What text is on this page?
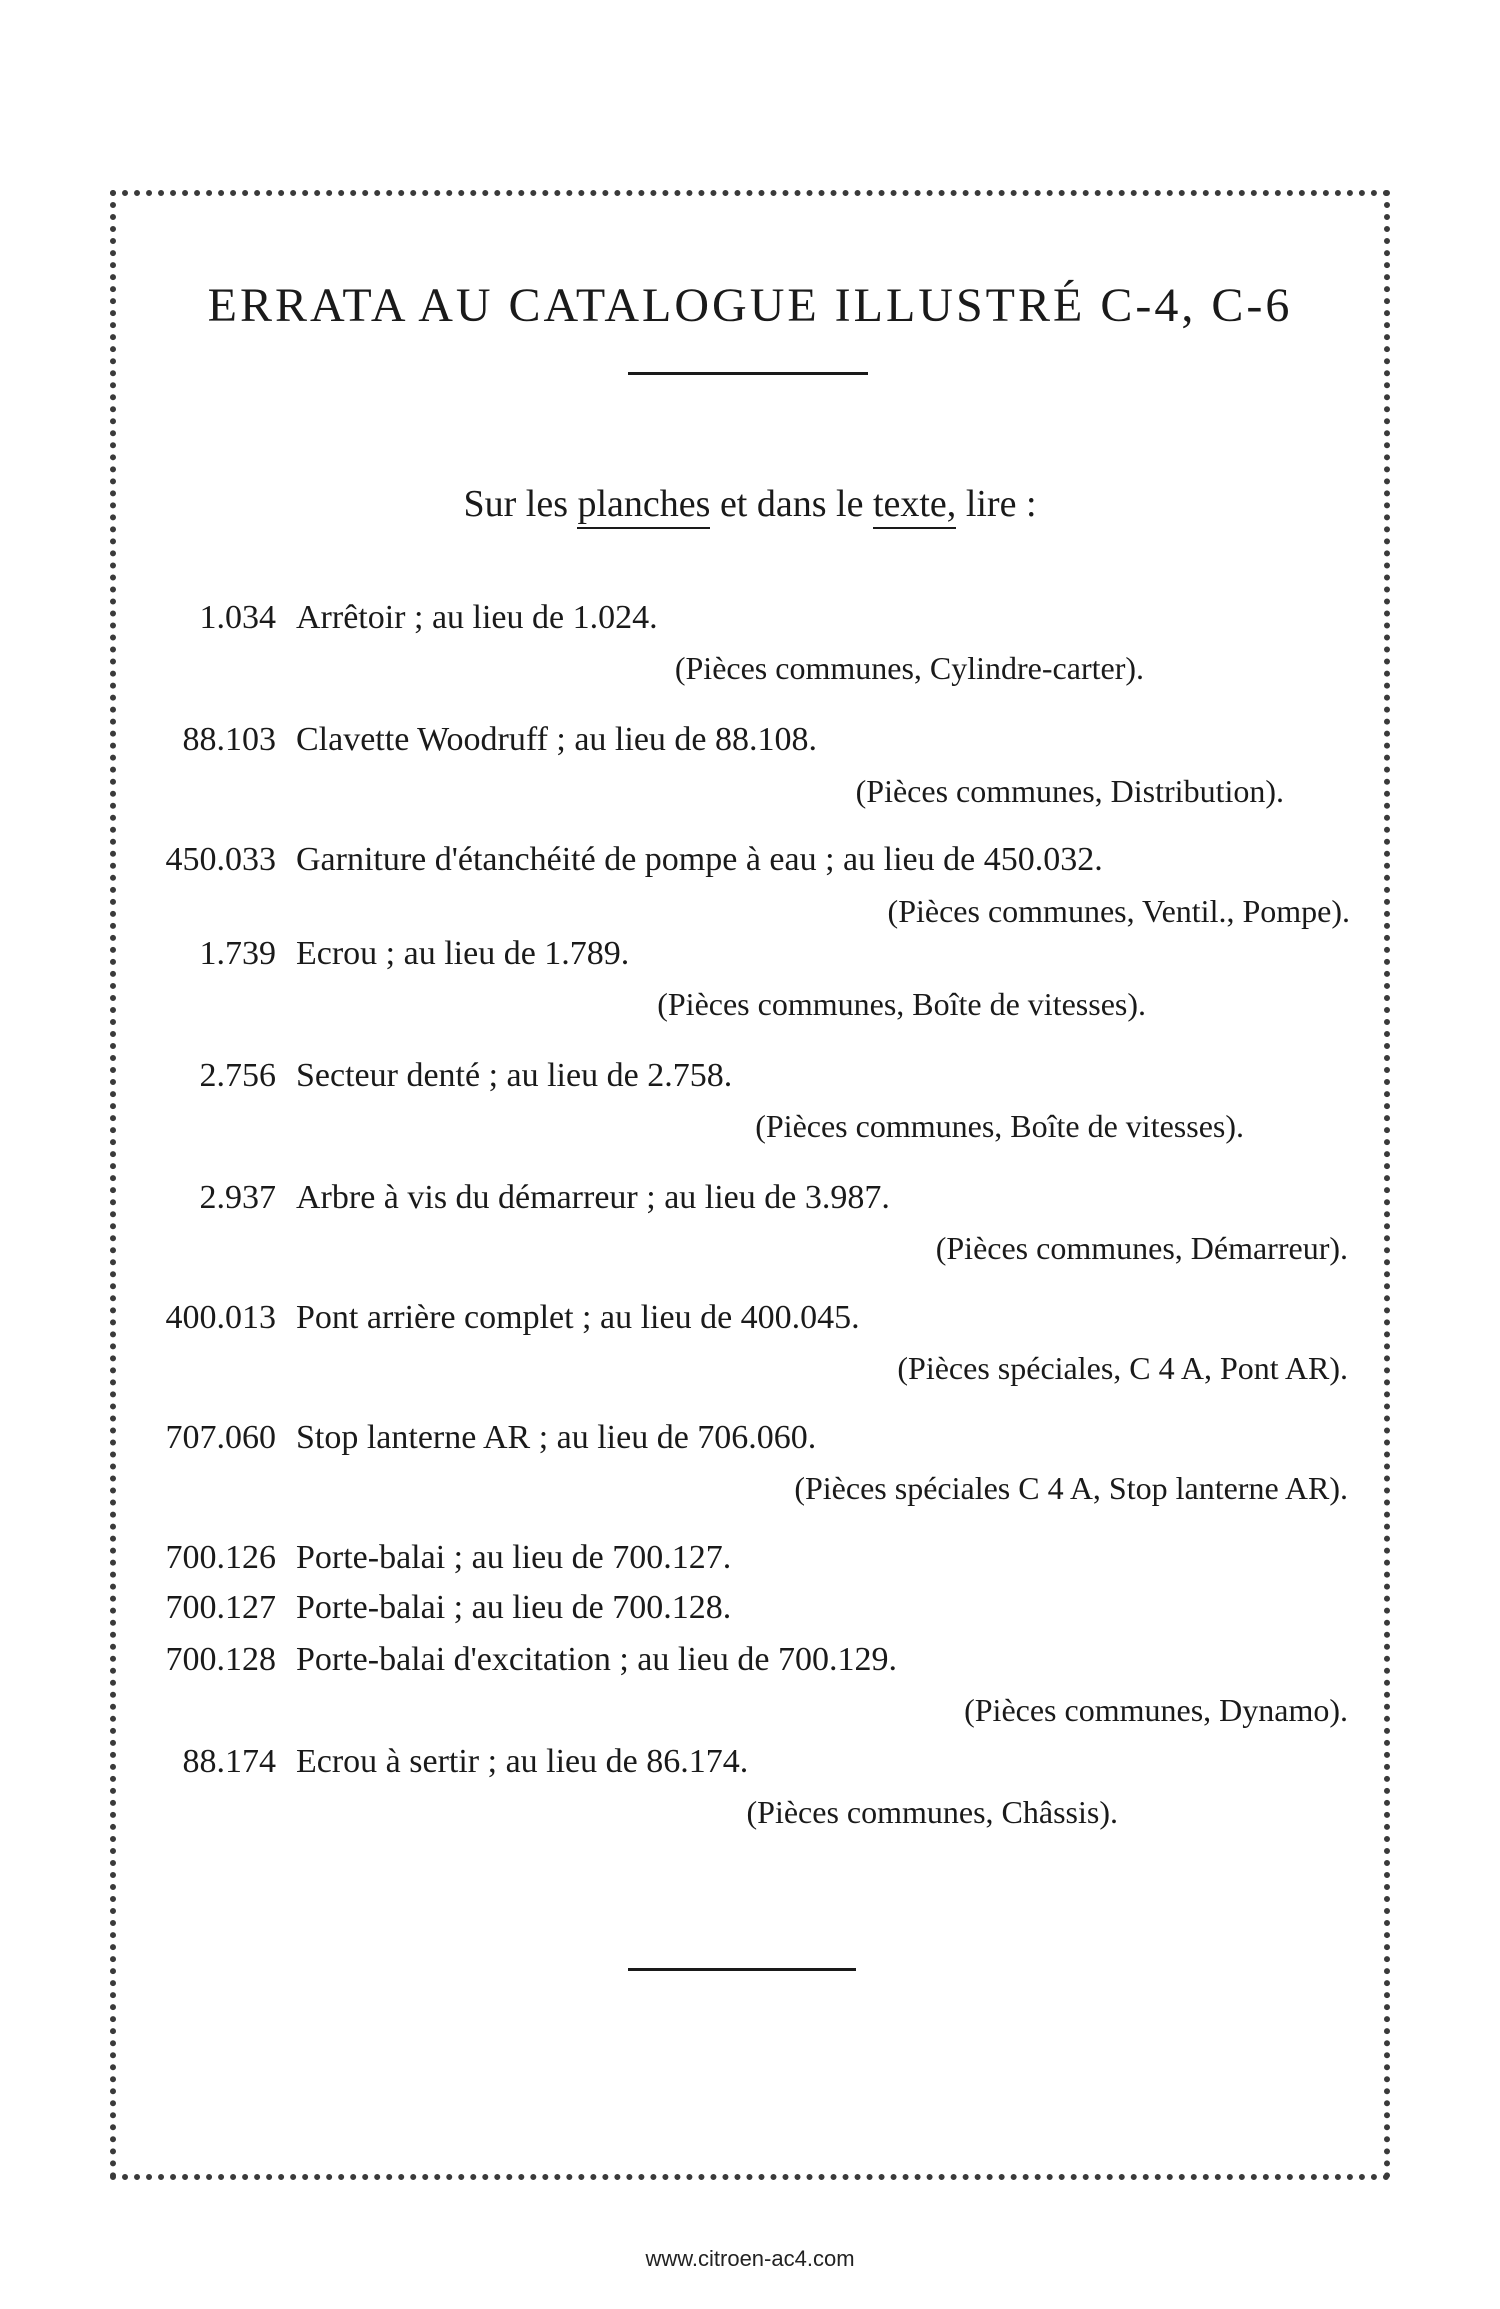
ERRATA AU CATALOGUE ILLUSTRÉ C-4, C-6
Sur les planches et dans le texte, lire :
1.034 Arrêtoir ; au lieu de 1.024.
(Pièces communes, Cylindre-carter).
88.103 Clavette Woodruff ; au lieu de 88.108.
(Pièces communes, Distribution).
450.033 Garniture d'étanchéité de pompe à eau ; au lieu de 450.032.
(Pièces communes, Ventil., Pompe).
1.739 Ecrou ; au lieu de 1.789.
(Pièces communes, Boîte de vitesses).
2.756 Secteur denté ; au lieu de 2.758.
(Pièces communes, Boîte de vitesses).
2.937 Arbre à vis du démarreur ; au lieu de 3.987.
(Pièces communes, Démarreur).
400.013 Pont arrière complet ; au lieu de 400.045.
(Pièces spéciales, C 4 A, Pont AR).
707.060 Stop lanterne AR ; au lieu de 706.060.
(Pièces spéciales C 4 A, Stop lanterne AR).
700.126 Porte-balai ; au lieu de 700.127.
700.127 Porte-balai ; au lieu de 700.128.
700.128 Porte-balai d'excitation ; au lieu de 700.129.
(Pièces communes, Dynamo).
88.174 Ecrou à sertir ; au lieu de 86.174.
(Pièces communes, Châssis).
www.citroen-ac4.com
